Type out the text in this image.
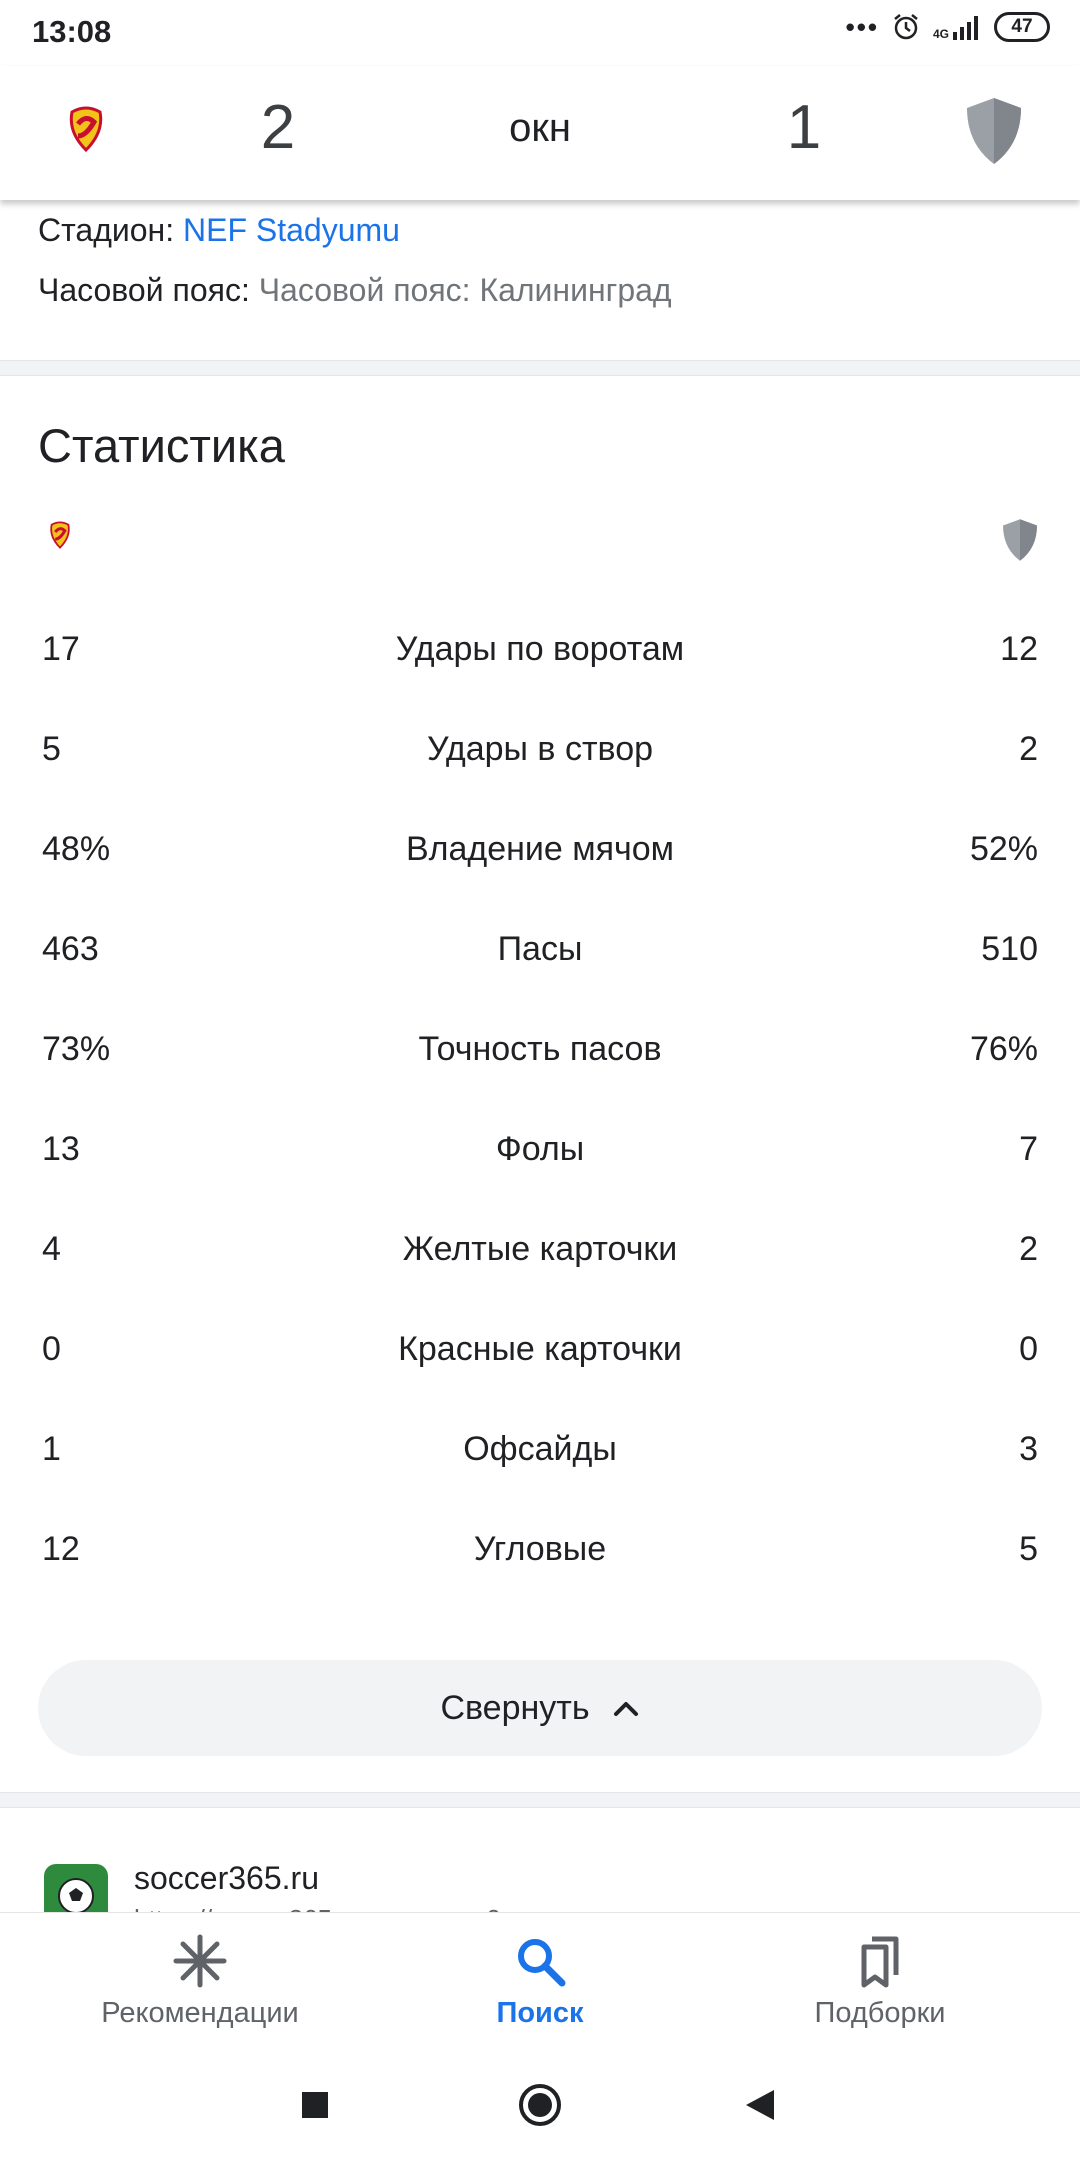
13:08	•••	4G	47
2	окн	1
Стадион: NEF Stadyumu
Часовой пояс: Часовой пояс: Калининград
Статистика
17	Удары по воротам	12
5	Удары в створ	2
48%	Владение мячом	52%
463	Пасы	510
73%	Точность пасов	76%
13	Фолы	7
4	Желтые карточки	2
0	Красные карточки	0
1	Офсайды	3
12	Угловые	5
Свернуть
soccer365.ru
Рекомендации	Поиск	Подборки
